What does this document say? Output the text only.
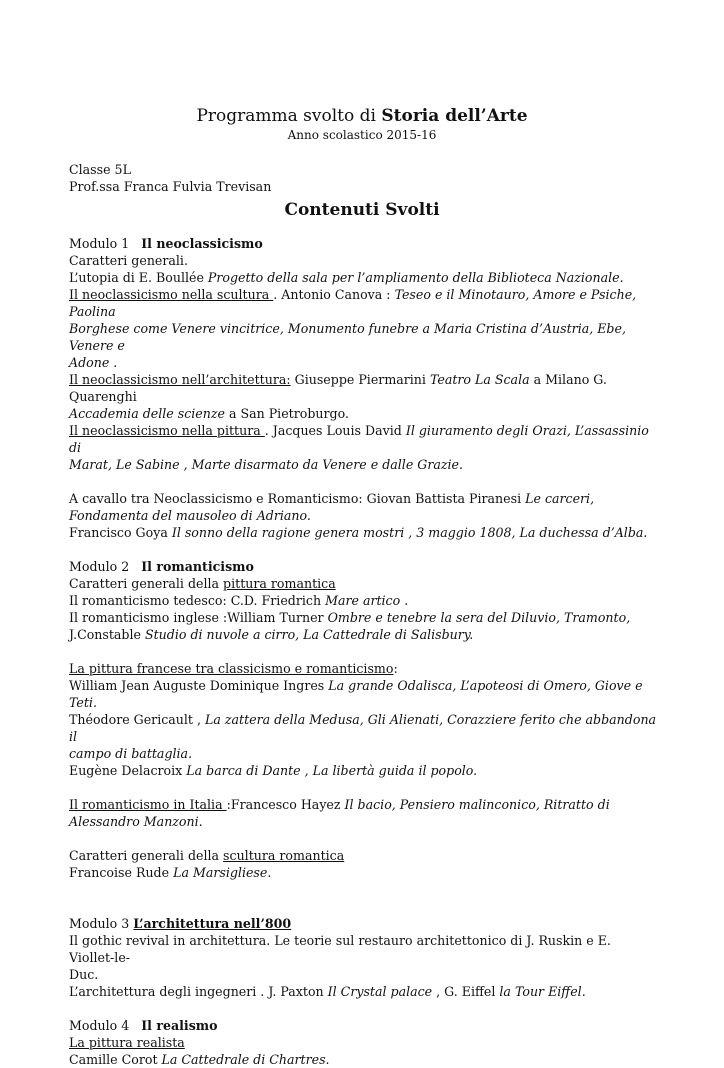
Programma svolto di Storia dell’Arte
Anno scolastico 2015-16
Classe 5L
Prof.ssa Franca Fulvia Trevisan
Contenuti Svolti
Modulo 1 Il neoclassicismo
Caratteri generali.
L’utopia di E. Boullée Progetto della sala per l’ampliamento della Biblioteca Nazionale.
Il neoclassicismo nella scultura . Antonio Canova : Teseo e il Minotauro, Amore e Psiche, Paolina
Borghese come Venere vincitrice, Monumento funebre a Maria Cristina d’Austria, Ebe, Venere e
Adone .
Il neoclassicismo nell’architettura: Giuseppe Piermarini Teatro La Scala a Milano G. Quarenghi
Accademia delle scienze a San Pietroburgo.
Il neoclassicismo nella pittura . Jacques Louis David Il giuramento degli Orazi, L’assassinio di
Marat, Le Sabine , Marte disarmato da Venere e dalle Grazie.
A cavallo tra Neoclassicismo e Romanticismo: Giovan Battista Piranesi Le carceri,
Fondamenta del mausoleo di Adriano.
Francisco Goya Il sonno della ragione genera mostri , 3 maggio 1808, La duchessa d’Alba.
Modulo 2 Il romanticismo
Caratteri generali della pittura romantica
Il romanticismo tedesco: C.D. Friedrich Mare artico .
Il romanticismo inglese :William Turner Ombre e tenebre la sera del Diluvio, Tramonto,
J.Constable Studio di nuvole a cirro, La Cattedrale di Salisbury.
La pittura francese tra classicismo e romanticismo:
William Jean Auguste Dominique Ingres La grande Odalisca, L’apoteosi di Omero, Giove e Teti.
Théodore Gericault , La zattera della Medusa, Gli Alienati, Corazziere ferito che abbandona il
campo di battaglia.
Eugène Delacroix La barca di Dante , La libertà guida il popolo.
Il romanticismo in Italia :Francesco Hayez Il bacio, Pensiero malinconico, Ritratto di
Alessandro Manzoni.
Caratteri generali della scultura romantica
Francoise Rude La Marsigliese.
Modulo 3 L’architettura nell’800
Il gothic revival in architettura. Le teorie sul restauro architettonico di J. Ruskin e E. Viollet-le-
Duc.
L’architettura degli ingegneri . J. Paxton Il Crystal palace , G. Eiffel la Tour Eiffel.
Modulo 4 Il realismo
La pittura realista
Camille Corot La Cattedrale di Chartres.
